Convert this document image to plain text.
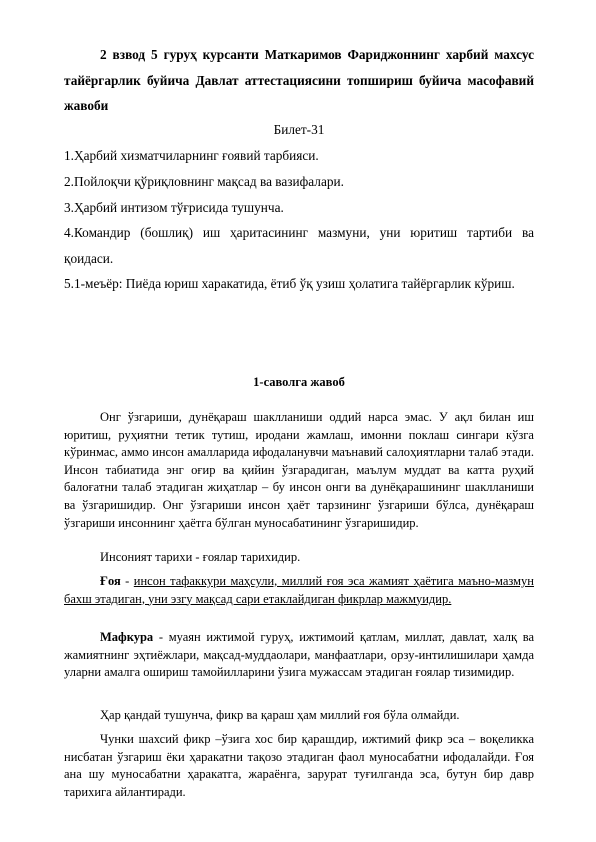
2 взвод 5 гуруҳ курсанти Маткаримов Фариджоннинг харбий махсус тайёргарлик буйича Давлат аттестациясини топшириш буйича масофавий жавоби
Билет-31
1.Ҳарбий хизматчиларнинг ғоявий тарбияси.
2.Пойлоқчи қўриқловнинг мақсад ва вазифалари.
3.Ҳарбий интизом тўғрисида тушунча.
4.Командир (бошлиқ) иш ҳаритасининг мазмуни, уни юритиш тартиби ва қоидаси.
5.1-меъёр: Пиёда юриш харакатида, ётиб ўқ узиш ҳолатига тайёргарлик кўриш.
1-саволга жавоб
Онг ўзгариши, дунёқараш шаклланиши оддий нарса эмас. У ақл билан иш юритиш, руҳиятни тетик тутиш, иродани жамлаш, имонни поклаш сингари кўзга кўринмас, аммо инсон амалларида ифодаланувчи маънавий салоҳиятларни талаб этади. Инсон табиатида энг оғир ва қийин ўзгарадиган, маълум муддат ва катта руҳий балоғатни талаб этадиган жиҳатлар – бу инсон онги ва дунёқарашининг шаклланиши ва ўзгаришидир. Онг ўзгариши инсон ҳаёт тарзининг ўзгариши бўлса, дунёқараш ўзгариши инсоннинг ҳаётга бўлган муносабатининг ўзгаришидир.
Инсоният тарихи - ғоялар тарихидир.
Ғоя - инсон тафаккури маҳсули, миллий ғоя эса жамият ҳаётига маъно-мазмун бахш этадиган, уни эзгу мақсад сари етаклайдиган фикрлар мажмуидир.
Мафкура - муаян ижтимой гуруҳ, ижтимоий қатлам, миллат, давлат, халқ ва жамиятнинг эҳтиёжлари, мақсад-муддаолари, манфаатлари, орзу-интилишилари ҳамда уларни амалга ошириш тамойилларини ўзига мужассам этадиган ғоялар тизимидир.
Ҳар қандай тушунча, фикр ва қараш ҳам миллий ғоя бўла олмайди.
Чунки шахсий фикр –ўзига хос бир қарашдир, ижтимий фикр эса – воқеликка нисбатан ўзгариш ёки ҳаракатни тақозо этадиган фаол муносабатни ифодалайди. Ғоя ана шу муносабатни ҳаракатга, жараёнга, зарурат туғилганда эса, бутун бир давр тарихига айлантиради.
